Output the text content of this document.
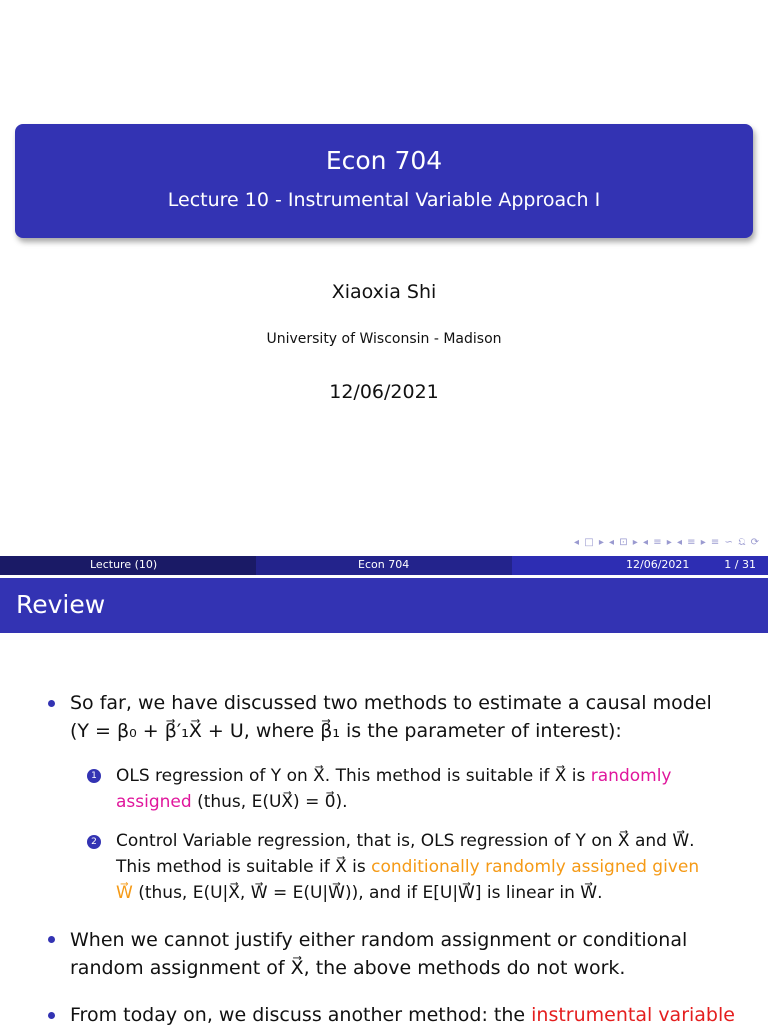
Econ 704
Lecture 10 - Instrumental Variable Approach I
Xiaoxia Shi
University of Wisconsin - Madison
12/06/2021
◂ □ ▸ ◂ ⊡ ▸ ◂ ≡ ▸ ◂ ≡ ▸ ≡ ∽ 𝔔 ⟳
Lecture (10)	Econ 704	12/06/2021	1 / 31
Review
So far, we have discussed two methods to estimate a causal model
(Y = β₀ + β⃗′₁X⃗ + U, where β⃗₁ is the parameter of interest):
1 OLS regression of Y on X⃗. This method is suitable if X⃗ is randomly
assigned (thus, E(UX⃗) = 0⃗).
2 Control Variable regression, that is, OLS regression of Y on X⃗ and W⃗.
This method is suitable if X⃗ is conditionally randomly assigned given
W⃗ (thus, E(U|X⃗, W⃗ = E(U|W⃗)), and if E[U|W⃗] is linear in W⃗.
When we cannot justify either random assignment or conditional
random assignment of X⃗, the above methods do not work.
From today on, we discuss another method: the instrumental variable
